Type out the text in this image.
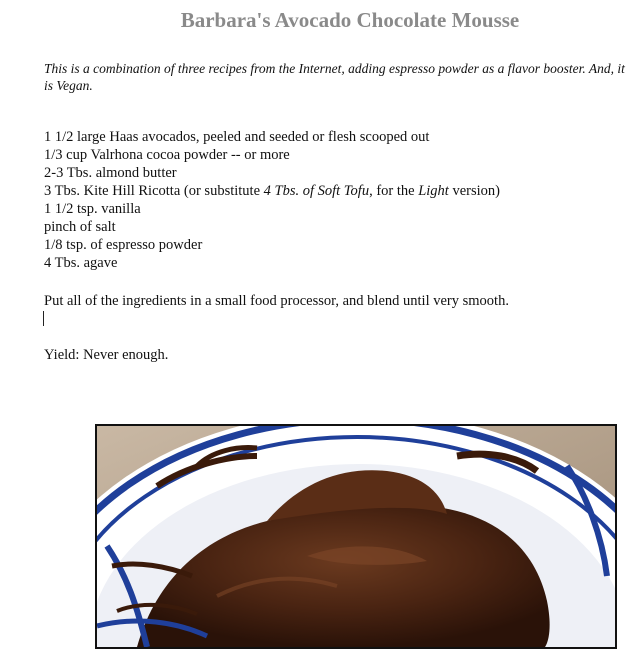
Barbara's Avocado Chocolate Mousse
This is a combination of three recipes from the Internet, adding espresso powder as a flavor booster. And, it is Vegan.
1 1/2 large Haas avocados, peeled and seeded or flesh scooped out
1/3 cup Valrhona cocoa powder -- or more
2-3 Tbs. almond butter
3 Tbs. Kite Hill Ricotta (or substitute 4 Tbs. of Soft Tofu, for the Light version)
1 1/2 tsp. vanilla
pinch of salt
1/8 tsp. of espresso powder
4 Tbs. agave
Put all of the ingredients in a small food processor, and blend until very smooth.
Yield: Never enough.
